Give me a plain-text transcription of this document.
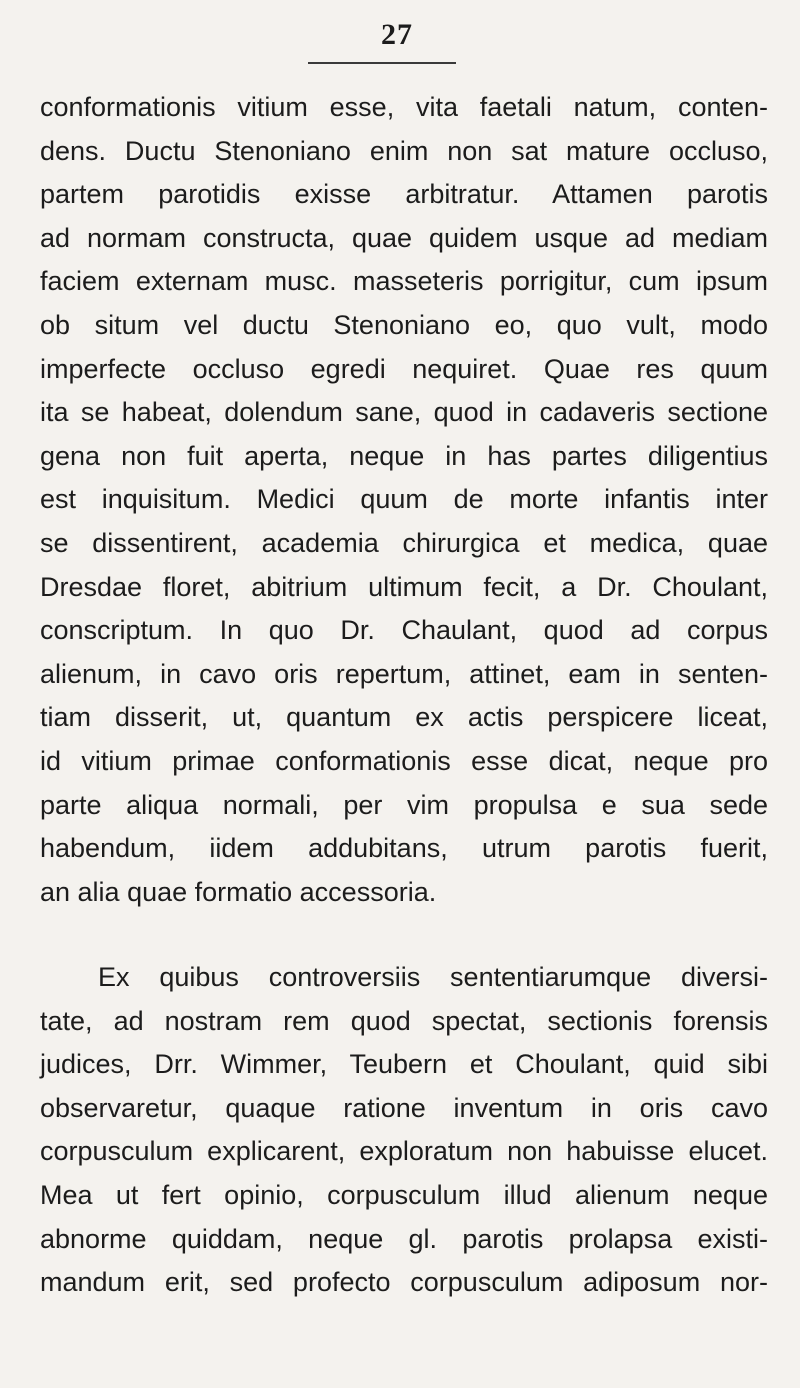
27
conformationis vitium esse, vita faetali natum, conten-
dens. Ductu Stenoniano enim non sat mature occluso,
partem parotidis exisse arbitratur. Attamen parotis
ad normam constructa, quae quidem usque ad mediam
faciem externam musc. masseteris porrigitur, cum ipsum
ob situm vel ductu Stenoniano eo, quo vult, modo
imperfecte occluso egredi nequiret. Quae res quum
ita se habeat, dolendum sane, quod in cadaveris sectione
gena non fuit aperta, neque in has partes diligentius
est inquisitum. Medici quum de morte infantis inter
se dissentirent, academia chirurgica et medica, quae
Dresdae floret, abitrium ultimum fecit, a Dr. Choulant,
conscriptum. In quo Dr. Chaulant, quod ad corpus
alienum, in cavo oris repertum, attinet, eam in senten-
tiam disserit, ut, quantum ex actis perspicere liceat,
id vitium primae conformationis esse dicat, neque pro
parte aliqua normali, per vim propulsa e sua sede
habendum, iidem addubitans, utrum parotis fuerit,
an alia quae formatio accessoria.
Ex quibus controversiis sententiarumque diversi-
tate, ad nostram rem quod spectat, sectionis forensis
judices, Drr. Wimmer, Teubern et Choulant, quid sibi
observaretur, quaque ratione inventum in oris cavo
corpusculum explicarent, exploratum non habuisse elucet.
Mea ut fert opinio, corpusculum illud alienum neque
abnorme quiddam, neque gl. parotis prolapsa existi-
mandum erit, sed profecto corpusculum adiposum nor-
